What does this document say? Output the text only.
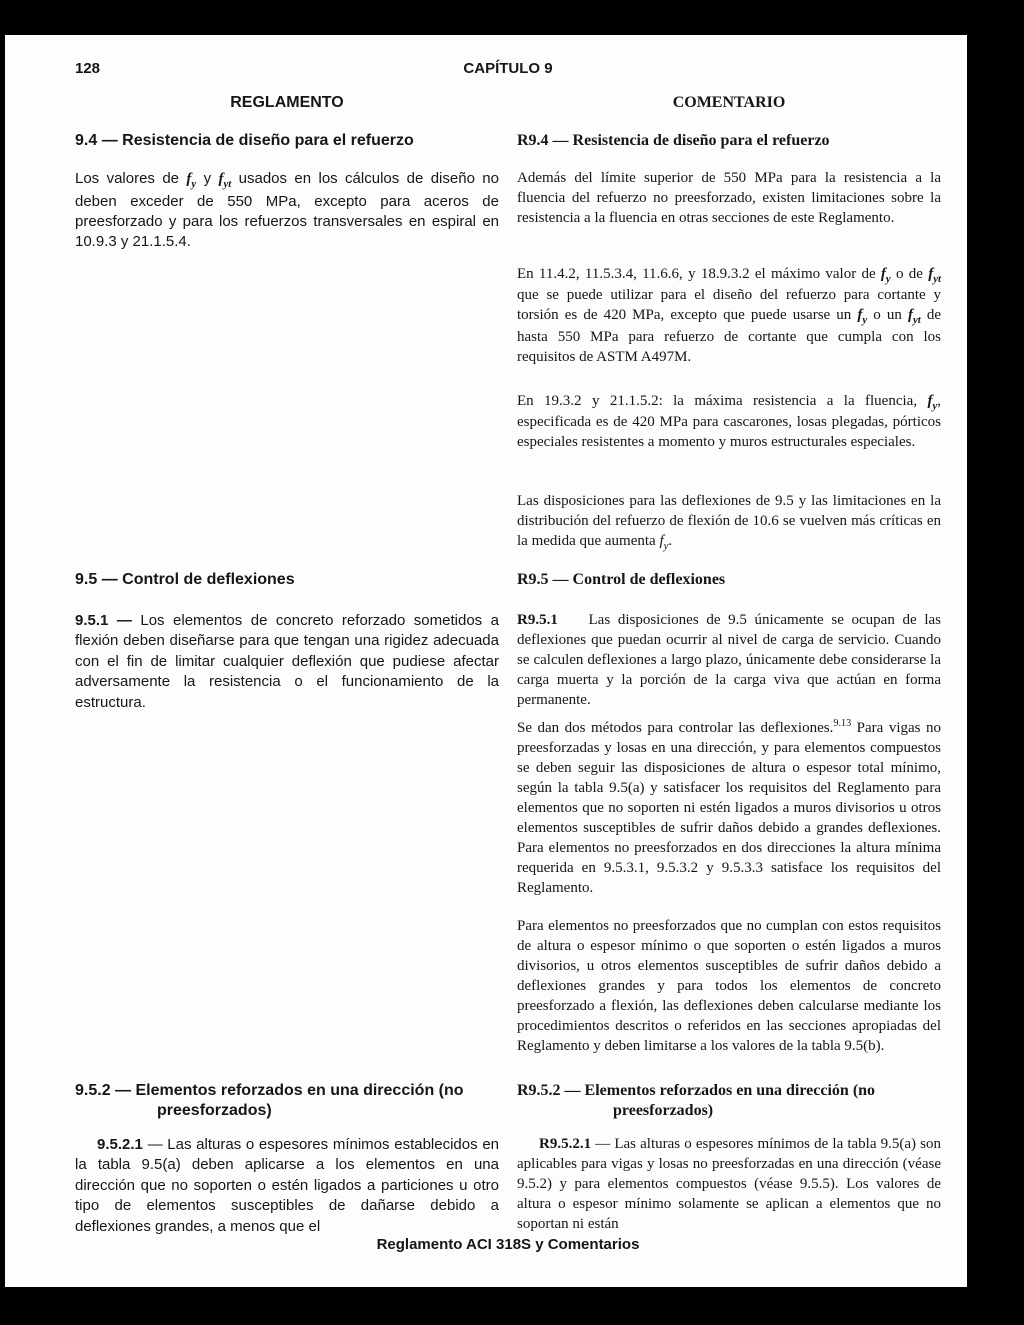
128	CAPÍTULO 9
REGLAMENTO	COMENTARIO
9.4 — Resistencia de diseño para el refuerzo
Los valores de $f_y$ y $f_{yt}$ usados en los cálculos de diseño no deben exceder de 550 MPa, excepto para aceros de preesforzado y para los refuerzos transversales en espiral en 10.9.3 y 21.1.5.4.
9.5 — Control de deflexiones
9.5.1 — Los elementos de concreto reforzado sometidos a flexión deben diseñarse para que tengan una rigidez adecuada con el fin de limitar cualquier deflexión que pudiese afectar adversamente la resistencia o el funcionamiento de la estructura.
9.5.2 — Elementos reforzados en una dirección (no
preesforzados)
9.5.2.1 — Las alturas o espesores mínimos establecidos en la tabla 9.5(a) deben aplicarse a los elementos en una dirección que no soporten o estén ligados a particiones u otro tipo de elementos susceptibles de dañarse debido a deflexiones grandes, a menos que el
R9.4 — Resistencia de diseño para el refuerzo
Además del límite superior de 550 MPa para la resistencia a la fluencia del refuerzo no preesforzado, existen limitaciones sobre la resistencia a la fluencia en otras secciones de este Reglamento.
En 11.4.2, 11.5.3.4, 11.6.6, y 18.9.3.2 el máximo valor de $f_y$ o de $f_{yt}$ que se puede utilizar para el diseño del refuerzo para cortante y torsión es de 420 MPa, excepto que puede usarse un $f_y$ o un $f_{yt}$ de hasta 550 MPa para refuerzo de cortante que cumpla con los requisitos de ASTM A497M.
En 19.3.2 y 21.1.5.2: la máxima resistencia a la fluencia, $f_y$, especificada es de 420 MPa para cascarones, losas plegadas, pórticos especiales resistentes a momento y muros estructurales especiales.
Las disposiciones para las deflexiones de 9.5 y las limitaciones en la distribución del refuerzo de flexión de 10.6 se vuelven más críticas en la medida que aumenta $f_y$.
R9.5 — Control de deflexiones
R9.5.1    Las disposiciones de 9.5 únicamente se ocupan de las deflexiones que puedan ocurrir al nivel de carga de servicio. Cuando se calculen deflexiones a largo plazo, únicamente debe considerarse la carga muerta y la porción de la carga viva que actúan en forma permanente.
Se dan dos métodos para controlar las deflexiones.$^{9.13}$ Para vigas no preesforzadas y losas en una dirección, y para elementos compuestos se deben seguir las disposiciones de altura o espesor total mínimo, según la tabla 9.5(a) y satisfacer los requisitos del Reglamento para elementos que no soporten ni estén ligados a muros divisorios u otros elementos susceptibles de sufrir daños debido a grandes deflexiones. Para elementos no preesforzados en dos direcciones la altura mínima requerida en 9.5.3.1, 9.5.3.2 y 9.5.3.3 satisface los requisitos del Reglamento.
Para elementos no preesforzados que no cumplan con estos requisitos de altura o espesor mínimo o que soporten o estén ligados a muros divisorios, u otros elementos susceptibles de sufrir daños debido a deflexiones grandes y para todos los elementos de concreto preesforzado a flexión, las deflexiones deben calcularse mediante los procedimientos descritos o referidos en las secciones apropiadas del Reglamento y deben limitarse a los valores de la tabla 9.5(b).
R9.5.2 — Elementos reforzados en una dirección (no
preesforzados)
R9.5.2.1 — Las alturas o espesores mínimos de la tabla 9.5(a) son aplicables para vigas y losas no preesforzadas en una dirección (véase 9.5.2) y para elementos compuestos (véase 9.5.5). Los valores de altura o espesor mínimo solamente se aplican a elementos que no soportan ni están
Reglamento ACI 318S y Comentarios
